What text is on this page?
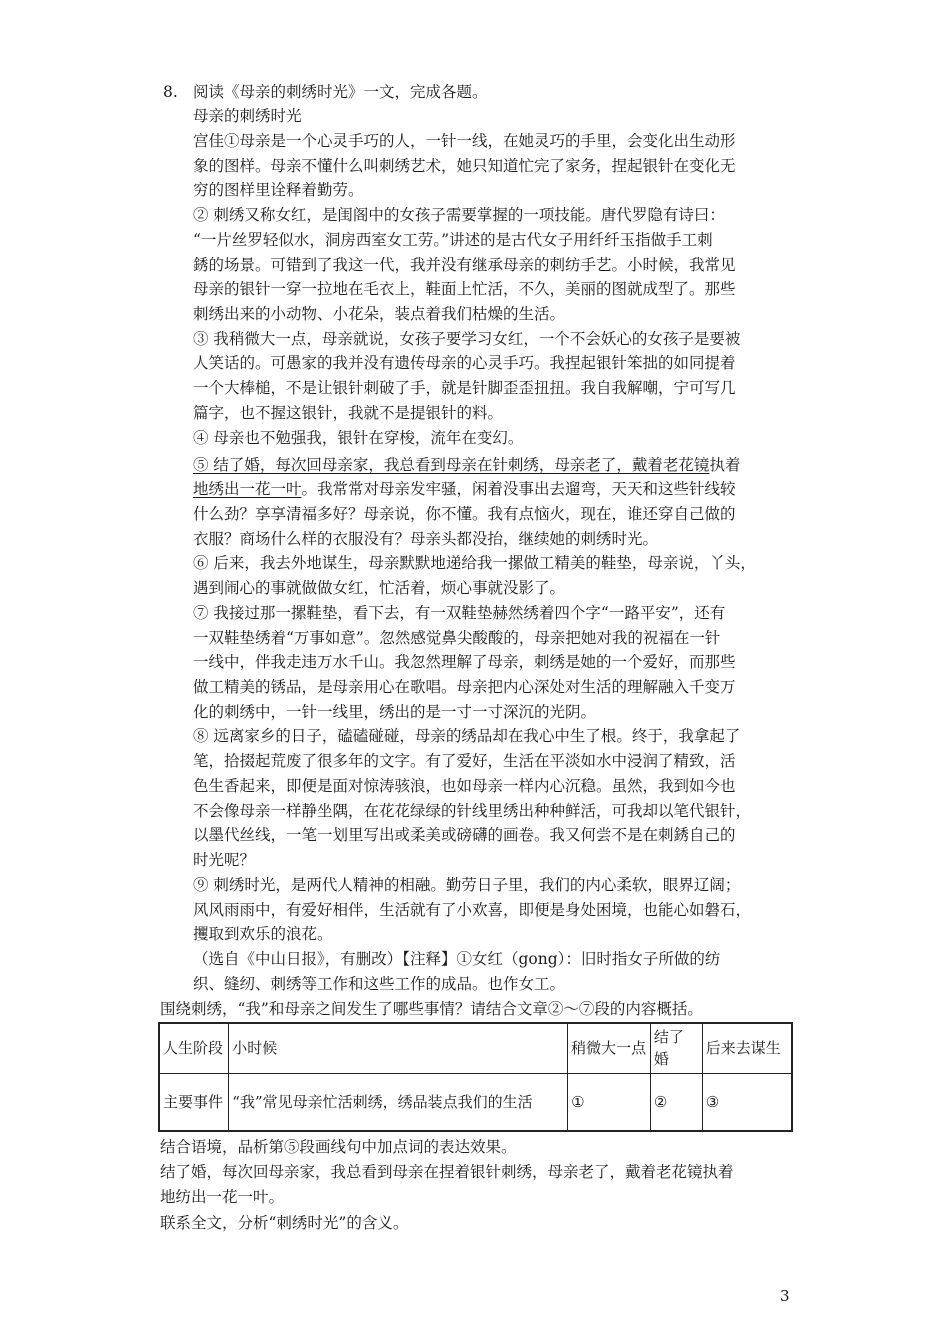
8. 阅读《母亲的刺绣时光》一文，完成各题。
母亲的刺绣时光
宫佳①母亲是一个心灵手巧的人，一针一线，在她灵巧的手里，会变化出生动形
象的图样。母亲不懂什么叫刺绣艺术，她只知道忙完了家务，捏起银针在变化无
穷的图样里诠释着勤劳。
② 刺绣又称女红，是闺阁中的女孩子需要掌握的一项技能。唐代罗隐有诗曰：
“一片丝罗轻似水，洞房西室女工劳。”讲述的是古代女子用纤纤玉指做手工刺
銹的场景。可错到了我这一代，我并没有继承母亲的刺纺手艺。小时候，我常见
母亲的银针一穿一拉地在毛衣上，鞋面上忙活，不久，美丽的图就成型了。那些
刺绣出来的小动物、小花朵，装点着我们枯燥的生活。
③ 我稍微大一点，母亲就说，女孩子要学习女红，一个不会妖心的女孩子是要被
人笑话的。可愚家的我并没有遗传母亲的心灵手巧。我捏起银针笨拙的如同提着
一个大棒槌，不是让银针刺破了手，就是针脚歪歪扭扭。我自我解嘲，宁可写几
篇字，也不握这银针，我就不是提银针的料。
④ 母亲也不勉强我，银针在穿梭，流年在变幻。
⑤ 结了婚，每次回母亲家，我总看到母亲在针刺绣，母亲老了，戴着老花镜执着
地绣出一花一叶。我常常对母亲发牢骚，闲着没事出去遛弯，天天和这些针线较
什么劲？享享清福多好？母亲说，你不懂。我有点恼火，现在，谁还穿自己做的
衣服？商场什么样的衣服没有？母亲头都没抬，继续她的刺绣时光。
⑥ 后来，我去外地谋生，母亲默默地递给我一摞做工精美的鞋垫，母亲说，丫头，
遇到闹心的事就做做女红，忙活着，烦心事就没影了。
⑦ 我接过那一摞鞋垫，看下去，有一双鞋垫赫然绣着四个字“一路平安”，还有
一双鞋垫绣着“万事如意”。忽然感觉鼻尖酸酸的，母亲把她对我的祝福在一针
一线中，伴我走违万水千山。我忽然理解了母亲，刺绣是她的一个爱好，而那些
做工精美的锈品，是母亲用心在歌唱。母亲把内心深处对生活的理解融入千变万
化的刺绣中，一针一线里，绣出的是一寸一寸深沉的光阴。
⑧ 远离家乡的日子，磕磕碰碰，母亲的绣品却在我心中生了根。终于，我拿起了
笔，拾掇起荒废了很多年的文字。有了爱好，生活在平淡如水中浸润了精致，活
色生香起来，即便是面对惊涛骇浪，也如母亲一样内心沉稳。虽然，我到如今也
不会像母亲一样静坐隅，在花花绿绿的针线里绣出种种鲜活，可我却以笔代银针，
以墨代丝线，一笔一划里写出或柔美或磅礴的画卷。我又何尝不是在刺銹自己的
时光呢？
⑨ 刺绣时光，是两代人精神的相融。勤劳日子里，我们的内心柔软，眼界辽阔；
风风雨雨中，有爱好相伴，生活就有了小欢喜，即便是身处困境，也能心如磐石，
攫取到欢乐的浪花。
（选自《中山日报》，有删改）【注释】①女红（gong）：旧时指女子所做的纺
织、缝纫、刺绣等工作和这些工作的成品。也作女工。
围绕刺绣，“我”和母亲之间发生了哪些事情？请结合文章②～⑦段的内容概括。
人生阶段	小时候	稍微大一点	结了婚	后来去谋生
主要事件	“我”常见母亲忙活刺绣，绣品装点我们的生活	①	②	③
结合语境，品析第⑤段画线句中加点词的表达效果。
结了婚，每次回母亲家，我总看到母亲在捏着银针刺绣，母亲老了，戴着老花镜执着
地纺出一花一叶。
联系全文，分析“刺绣时光”的含义。
3
